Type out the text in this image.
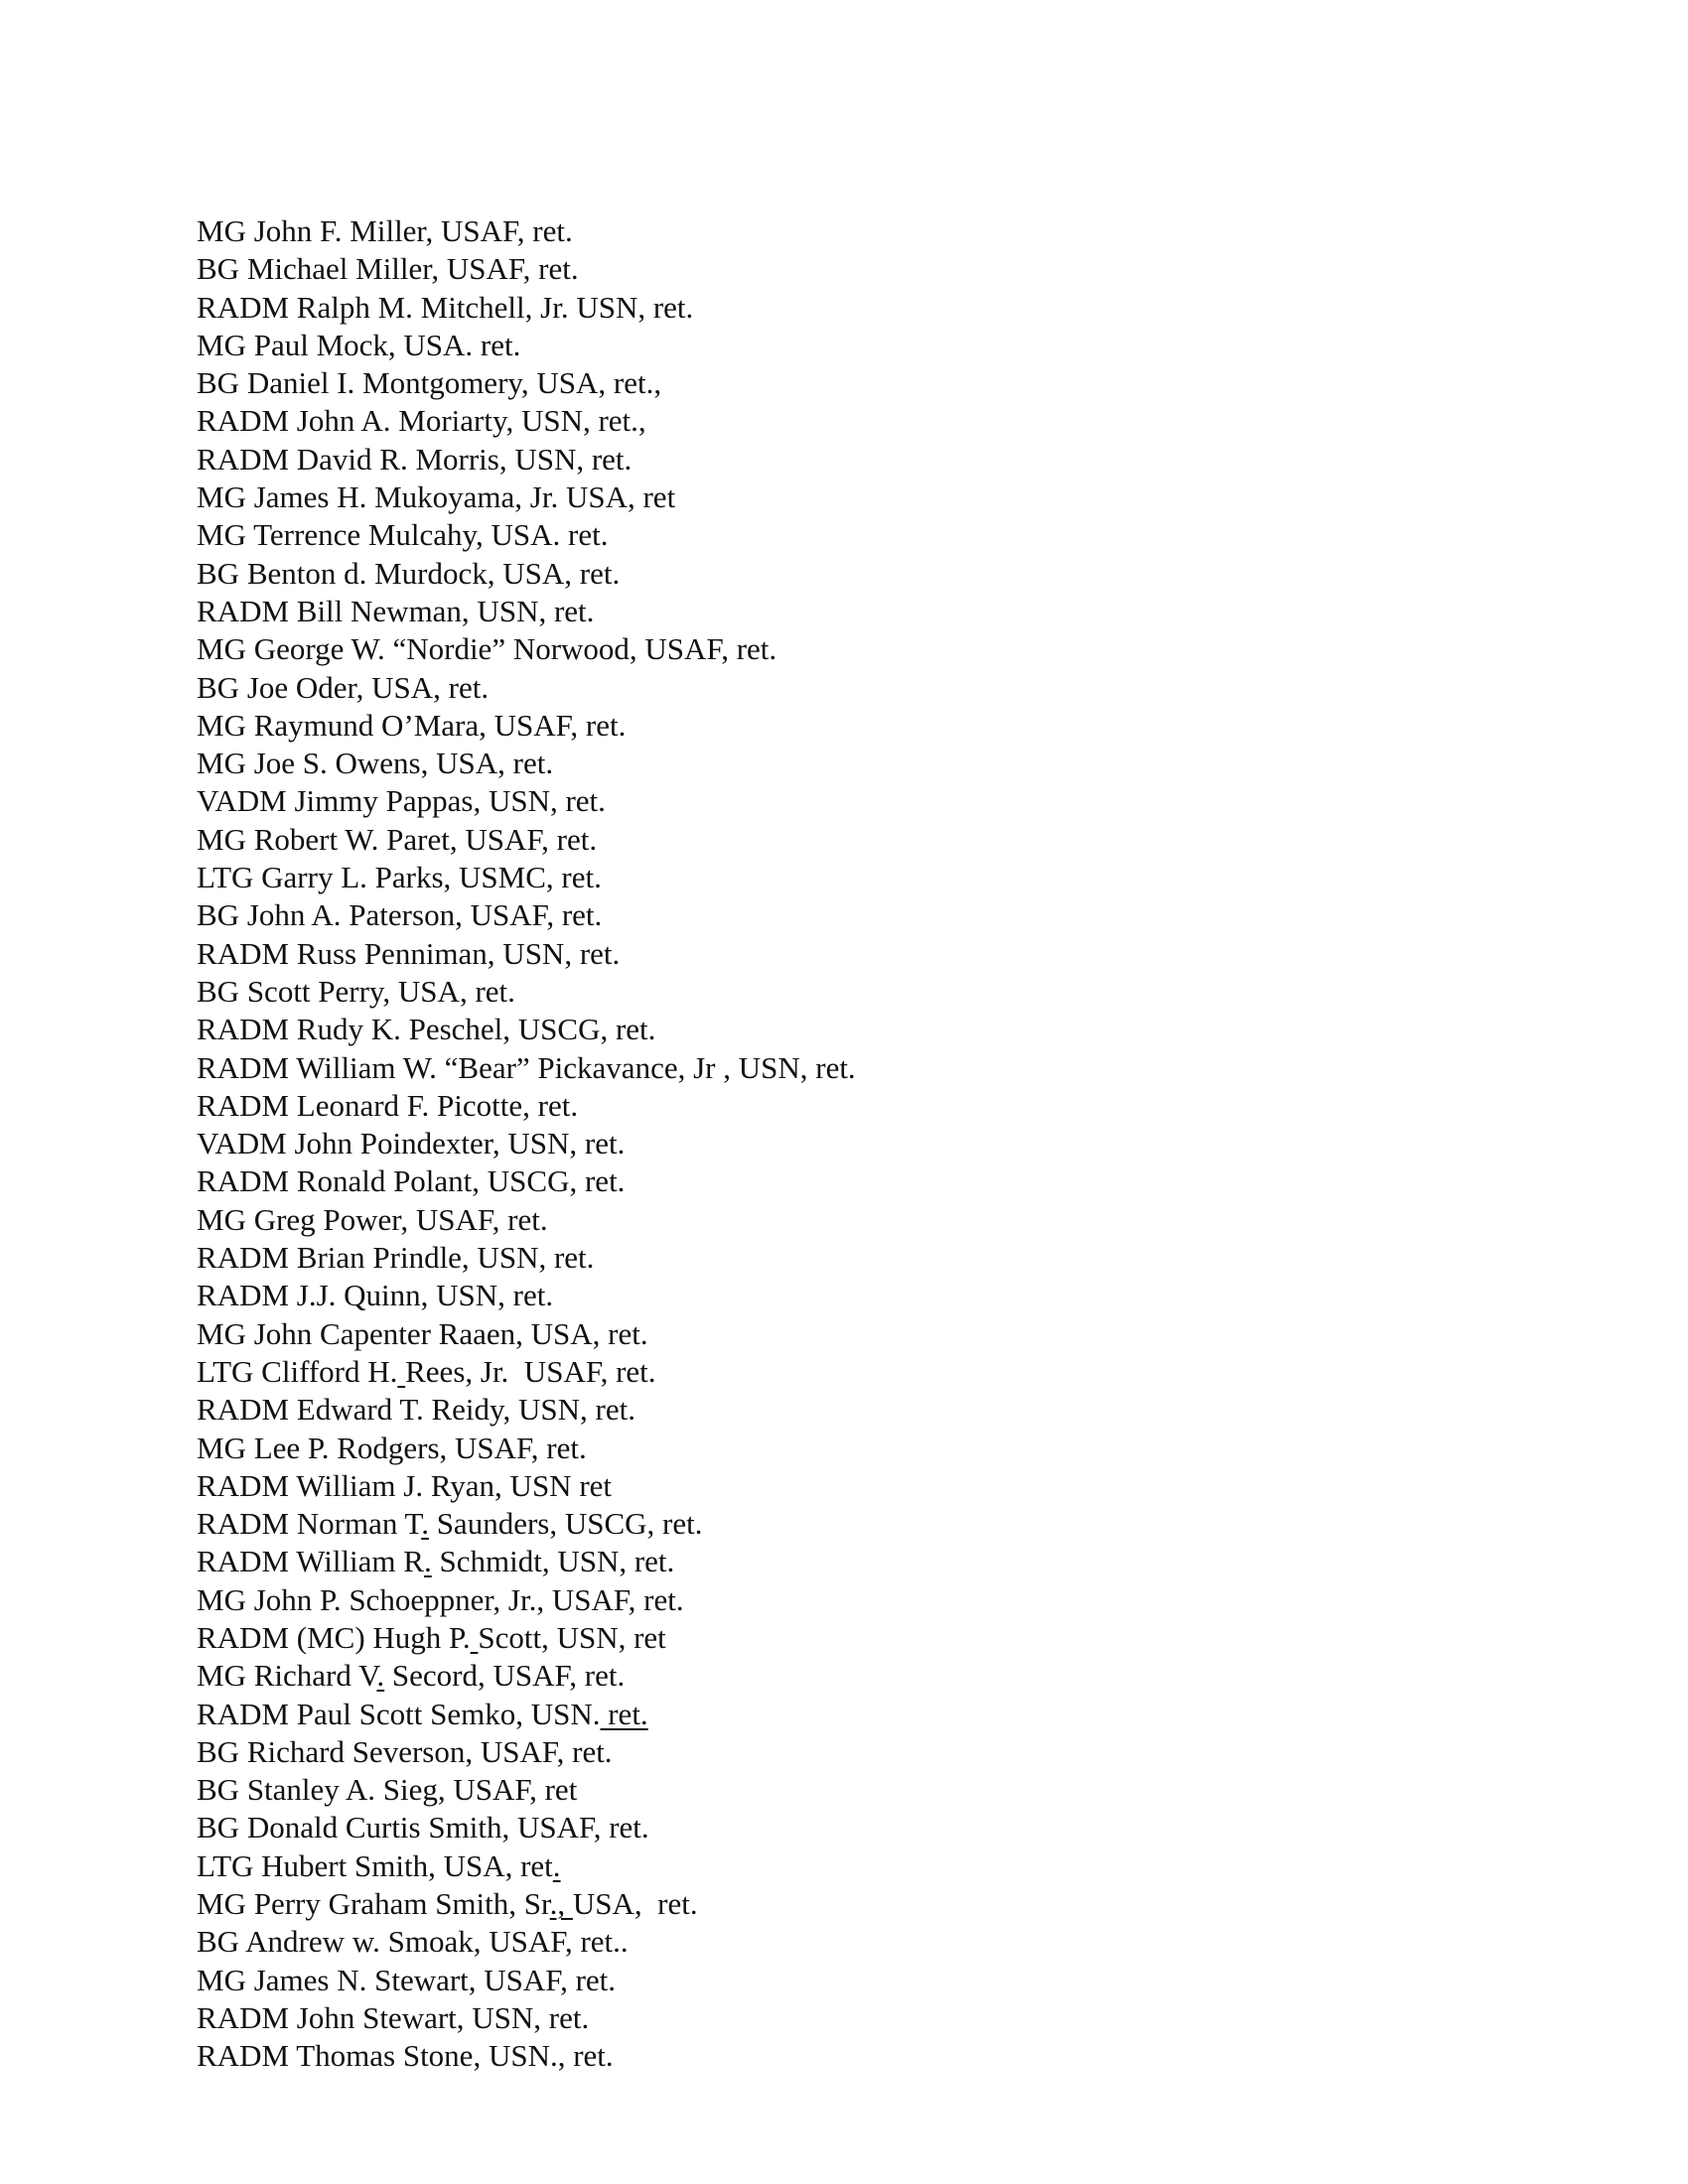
MG John F. Miller, USAF, ret.
BG Michael Miller, USAF, ret.
RADM Ralph M. Mitchell, Jr. USN, ret.
MG Paul Mock, USA. ret.
BG Daniel I. Montgomery, USA, ret.,
RADM John A. Moriarty, USN, ret.,
RADM David R. Morris, USN, ret.
MG James H. Mukoyama, Jr. USA, ret
MG Terrence Mulcahy, USA. ret.
BG Benton d. Murdock, USA, ret.
RADM Bill Newman, USN, ret.
MG George W. “Nordie” Norwood, USAF, ret.
BG Joe Oder, USA, ret.
MG Raymund O’Mara, USAF, ret.
MG Joe S. Owens, USA, ret.
VADM Jimmy Pappas, USN, ret.
MG Robert W. Paret, USAF, ret.
LTG Garry L. Parks, USMC, ret.
BG John A. Paterson, USAF, ret.
RADM Russ Penniman, USN, ret.
BG Scott Perry, USA, ret.
RADM Rudy K. Peschel, USCG, ret.
RADM William W. “Bear” Pickavance, Jr , USN, ret.
RADM Leonard F. Picotte, ret.
VADM John Poindexter, USN, ret.
RADM Ronald Polant, USCG, ret.
MG Greg Power, USAF, ret.
RADM Brian Prindle, USN, ret.
RADM J.J. Quinn, USN, ret.
MG John Capenter Raaen, USA, ret.
LTG Clifford H. Rees, Jr.  USAF, ret.
RADM Edward T. Reidy, USN, ret.
MG Lee P. Rodgers, USAF, ret.
RADM William J. Ryan, USN ret
RADM Norman T. Saunders, USCG, ret.
RADM William R. Schmidt, USN, ret.
MG John P. Schoeppner, Jr., USAF, ret.
RADM (MC) Hugh P. Scott, USN, ret
MG Richard V. Secord, USAF, ret.
RADM Paul Scott Semko, USN. ret.
BG Richard Severson, USAF, ret.
BG Stanley A. Sieg, USAF, ret
BG Donald Curtis Smith, USAF, ret.
LTG Hubert Smith, USA, ret.
MG Perry Graham Smith, Sr., USA,  ret.
BG Andrew w. Smoak, USAF, ret..
MG James N. Stewart, USAF, ret.
RADM John Stewart, USN, ret.
RADM Thomas Stone, USN., ret.
